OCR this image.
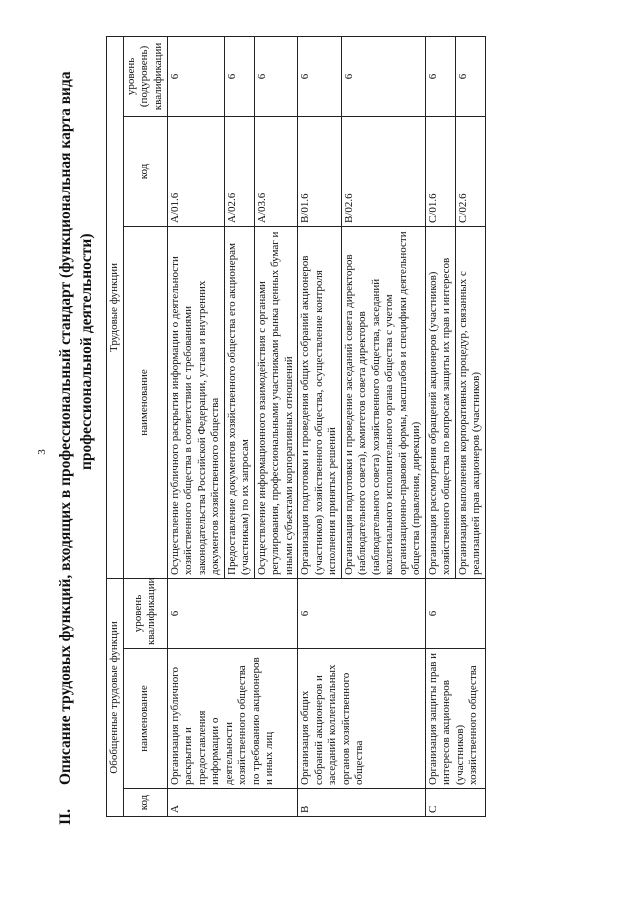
3
II.Описание трудовых функций, входящих в профессиональный стандарт (функциональная карта вида профессиональной деятельности)
Обобщенные трудовые функции			Трудовые функции		
код	наименование	уровень квалификации	наименование	код	уровень (подуровень) квалификации
A	Организация публичного раскрытия и предоставления информации о деятельности хозяйственного общества по требованию акционеров и иных лиц	6	Осуществление публичного раскрытия информации о деятельности хозяйственного общества в соответствии с требованиями законодательства Российской Федерации, устава и внутренних документов хозяйственного общества	A/01.6	6
			Предоставление документов хозяйственного общества его акционерам (участникам) по их запросам	A/02.6	6
			Осуществление информационного взаимодействия с органами регулирования, профессиональными участниками рынка ценных бумаг и иными субъектами корпоративных отношений	A/03.6	6
B	Организация общих собраний акционеров и заседаний коллегиальных органов хозяйственного общества	6	Организация подготовки и проведения общих собраний акционеров (участников) хозяйственного общества, осуществление контроля исполнения принятых решений	B/01.6	6
			Организация подготовки и проведение заседаний совета директоров (наблюдательного совета), комитетов совета директоров (наблюдательного совета) хозяйственного общества, заседаний коллегиального исполнительного органа общества с учетом организационно-правовой формы, масштабов и специфики деятельности общества (правления, дирекции)	B/02.6	6
C	Организация защиты прав и интересов акционеров (участников) хозяйственного общества	6	Организация рассмотрения обращений акционеров (участников) хозяйственного общества по вопросам защиты их прав и интересов	C/01.6	6
			Организация выполнения корпоративных процедур, связанных с реализацией прав акционеров (участников)	C/02.6	6
